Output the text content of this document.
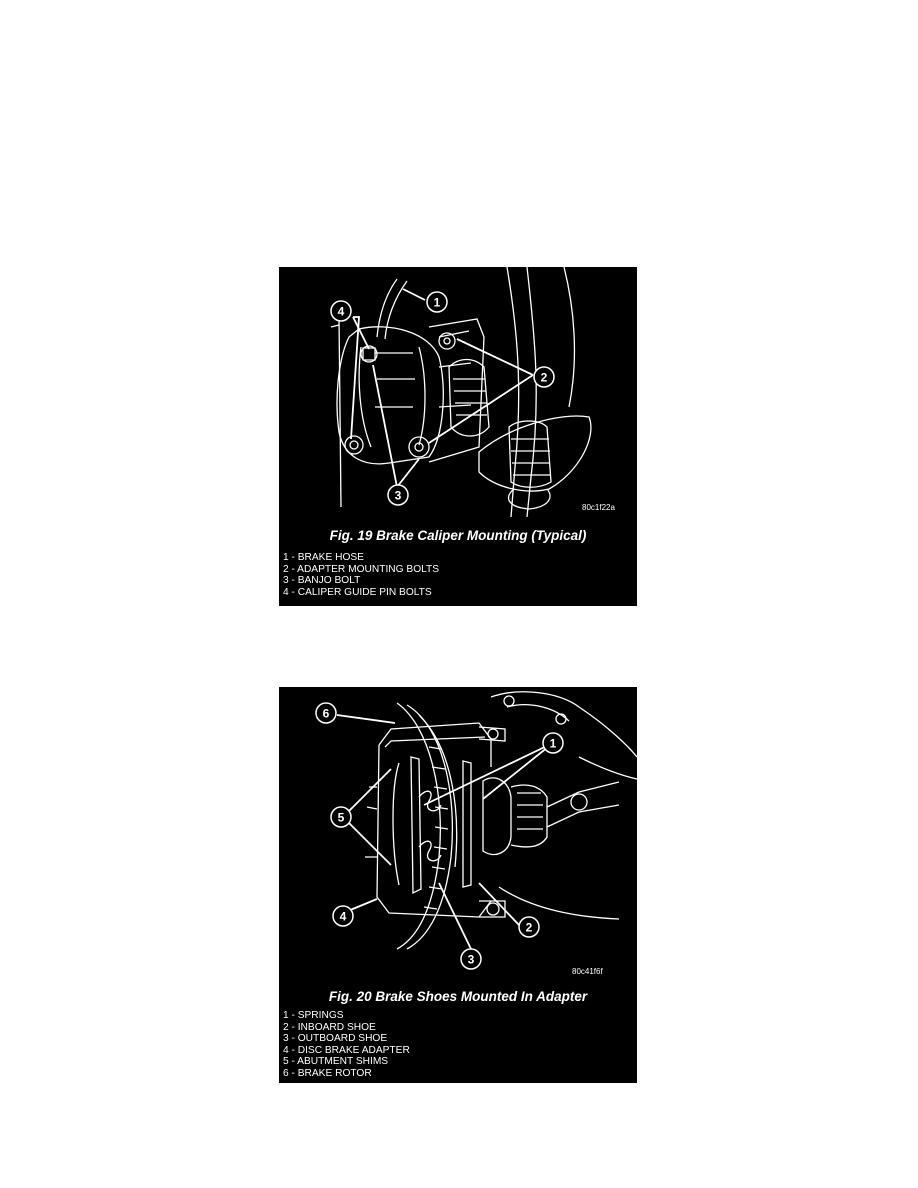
1
2
3
4
80c1f22a
Fig. 19 Brake Caliper Mounting (Typical)
1 - BRAKE HOSE
2 - ADAPTER MOUNTING BOLTS
3 - BANJO BOLT
4 - CALIPER GUIDE PIN BOLTS
1
2
3
4
5
6
80c41f6f
Fig. 20 Brake Shoes Mounted In Adapter
1 - SPRINGS
2 - INBOARD SHOE
3 - OUTBOARD SHOE
4 - DISC BRAKE ADAPTER
5 - ABUTMENT SHIMS
6 - BRAKE ROTOR
